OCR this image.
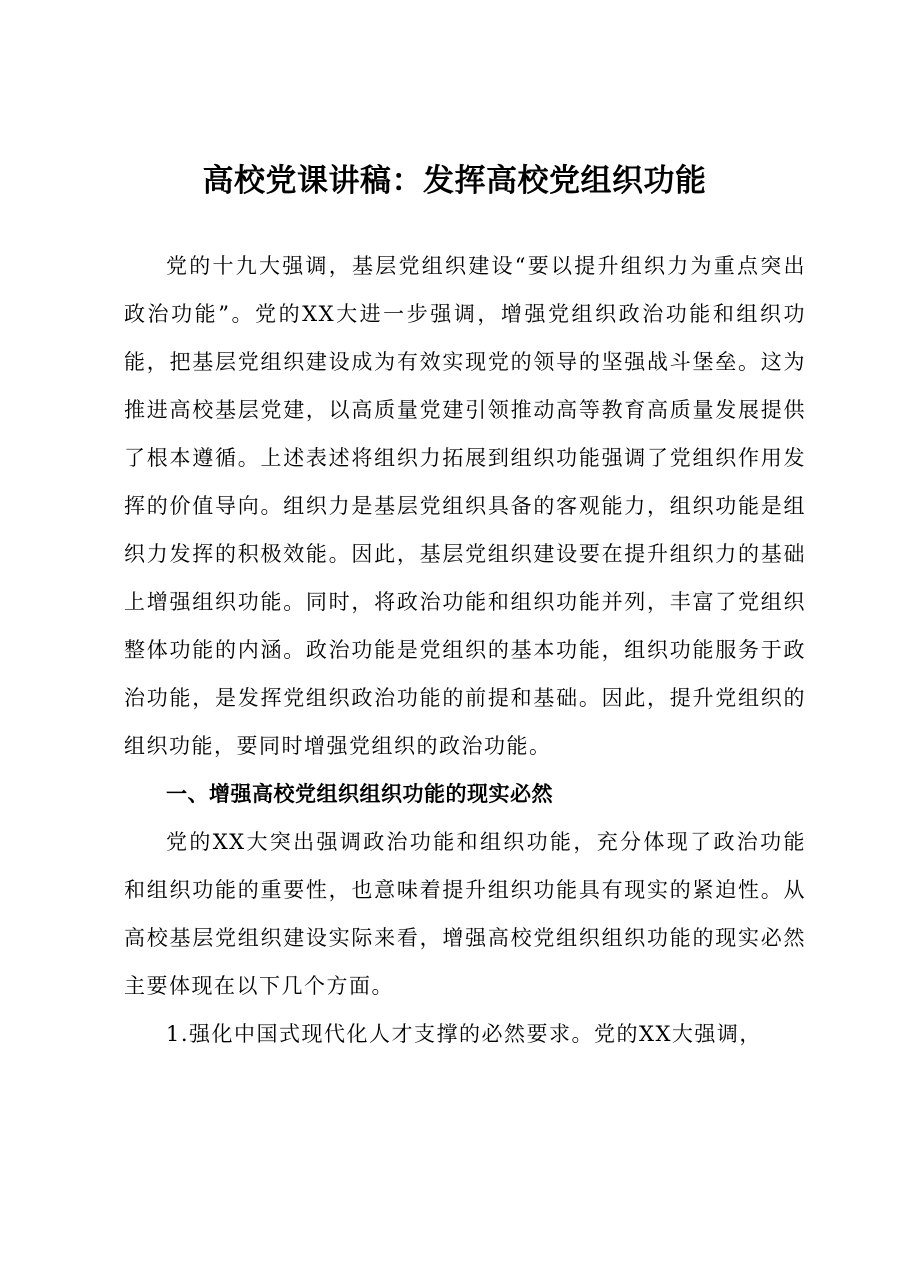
高校党课讲稿：发挥高校党组织功能

党的十九大强调，基层党组织建设“要以提升组织力为重点突出政治功能”。党的XX大进一步强调，增强党组织政治功能和组织功能，把基层党组织建设成为有效实现党的领导的坚强战斗堡垒。这为推进高校基层党建，以高质量党建引领推动高等教育高质量发展提供了根本遵循。上述表述将组织力拓展到组织功能强调了党组织作用发挥的价值导向。组织力是基层党组织具备的客观能力，组织功能是组织力发挥的积极效能。因此，基层党组织建设要在提升组织力的基础上增强组织功能。同时，将政治功能和组织功能并列，丰富了党组织整体功能的内涵。政治功能是党组织的基本功能，组织功能服务于政治功能，是发挥党组织政治功能的前提和基础。因此，提升党组织的组织功能，要同时增强党组织的政治功能。

一、增强高校党组织组织功能的现实必然

党的XX大突出强调政治功能和组织功能，充分体现了政治功能和组织功能的重要性，也意味着提升组织功能具有现实的紧迫性。从高校基层党组织建设实际来看，增强高校党组织组织功能的现实必然主要体现在以下几个方面。

1.强化中国式现代化人才支撑的必然要求。党的XX大强调，
